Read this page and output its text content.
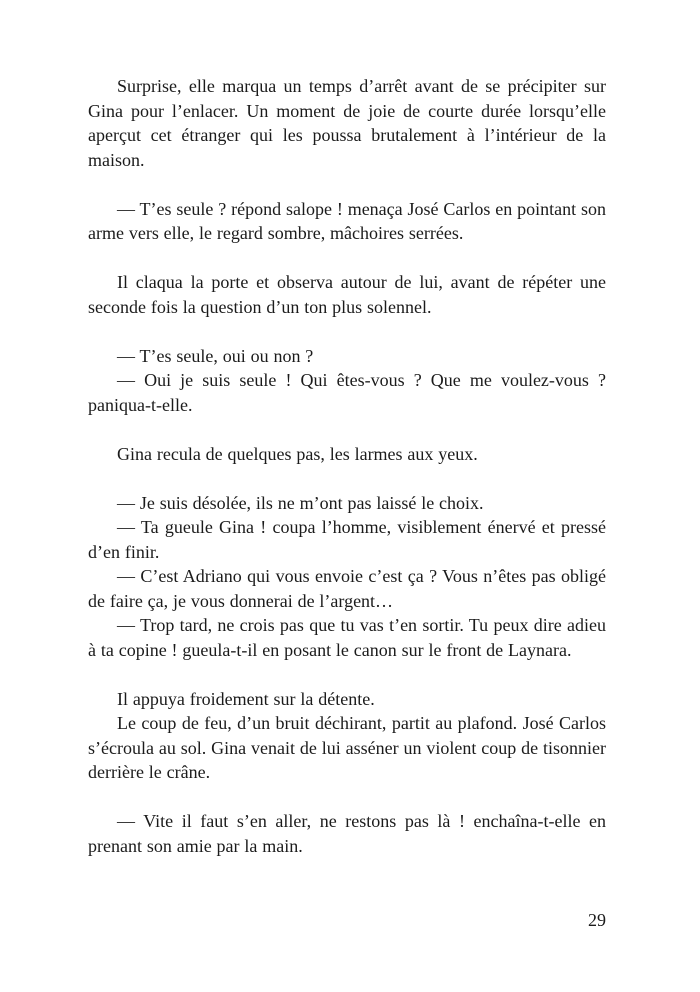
Surprise, elle marqua un temps d’arrêt avant de se précipiter sur Gina pour l’enlacer. Un moment de joie de courte durée lorsqu’elle aperçut cet étranger qui les poussa brutalement à l’intérieur de la maison.

— T’es seule ? répond salope ! menaça José Carlos en pointant son arme vers elle, le regard sombre, mâchoires serrées.

Il claqua la porte et observa autour de lui, avant de répéter une seconde fois la question d’un ton plus solennel.

— T’es seule, oui ou non ?

— Oui je suis seule ! Qui êtes-vous ? Que me voulez-vous ? paniqua-t-elle.

Gina recula de quelques pas, les larmes aux yeux.

— Je suis désolée, ils ne m’ont pas laissé le choix.

— Ta gueule Gina ! coupa l’homme, visiblement énervé et pressé d’en finir.

— C’est Adriano qui vous envoie c’est ça ? Vous n’êtes pas obligé de faire ça, je vous donnerai de l’argent…

— Trop tard, ne crois pas que tu vas t’en sortir. Tu peux dire adieu à ta copine ! gueula-t-il en posant le canon sur le front de Laynara.

Il appuya froidement sur la détente.

Le coup de feu, d’un bruit déchirant, partit au plafond. José Carlos s’écroula au sol. Gina venait de lui asséner un violent coup de tisonnier derrière le crâne.

— Vite il faut s’en aller, ne restons pas là ! enchaîna-t-elle en prenant son amie par la main.

29
